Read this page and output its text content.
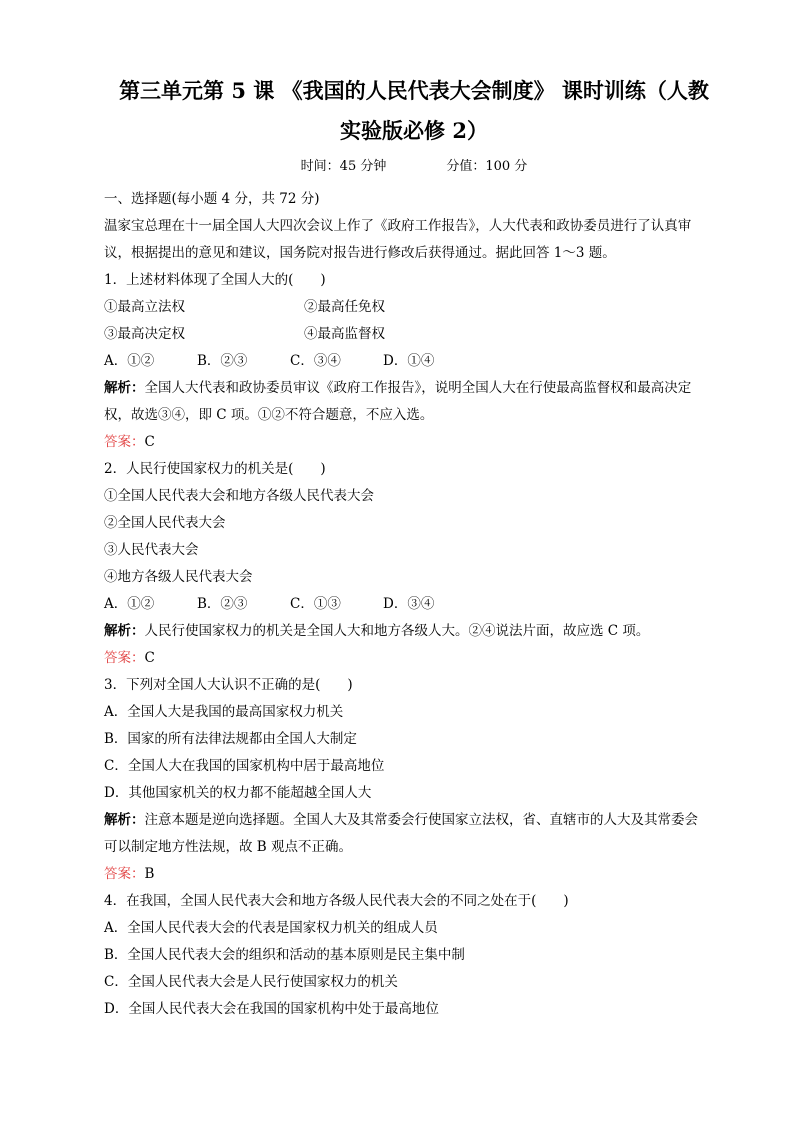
第三单元第 5 课 《我国的人民代表大会制度》 课时训练（人教
实验版必修 2）
时间：45 分钟	分值：100 分
一、选择题(每小题 4 分，共 72 分)
温家宝总理在十一届全国人大四次会议上作了《政府工作报告》，人大代表和政协委员进行了认真审
议，根据提出的意见和建议，国务院对报告进行修改后获得通过。据此回答 1～3 题。
1．上述材料体现了全国人大的(　　)
①最高立法权	②最高任免权
③最高决定权	④最高监督权
A．①②	B．②③	C．③④	D．①④
解析：全国人大代表和政协委员审议《政府工作报告》，说明全国人大在行使最高监督权和最高决定
权，故选③④，即 C 项。①②不符合题意，不应入选。
答案：C
2．人民行使国家权力的机关是(　　)
①全国人民代表大会和地方各级人民代表大会
②全国人民代表大会
③人民代表大会
④地方各级人民代表大会
A．①②	B．②③	C．①③	D．③④
解析：人民行使国家权力的机关是全国人大和地方各级人大。②④说法片面，故应选 C 项。
答案：C
3．下列对全国人大认识不正确的是(　　)
A．全国人大是我国的最高国家权力机关
B．国家的所有法律法规都由全国人大制定
C．全国人大在我国的国家机构中居于最高地位
D．其他国家机关的权力都不能超越全国人大
解析：注意本题是逆向选择题。全国人大及其常委会行使国家立法权，省、直辖市的人大及其常委会
可以制定地方性法规，故 B 观点不正确。
答案：B
4．在我国，全国人民代表大会和地方各级人民代表大会的不同之处在于(　　)
A．全国人民代表大会的代表是国家权力机关的组成人员
B．全国人民代表大会的组织和活动的基本原则是民主集中制
C．全国人民代表大会是人民行使国家权力的机关
D．全国人民代表大会在我国的国家机构中处于最高地位
